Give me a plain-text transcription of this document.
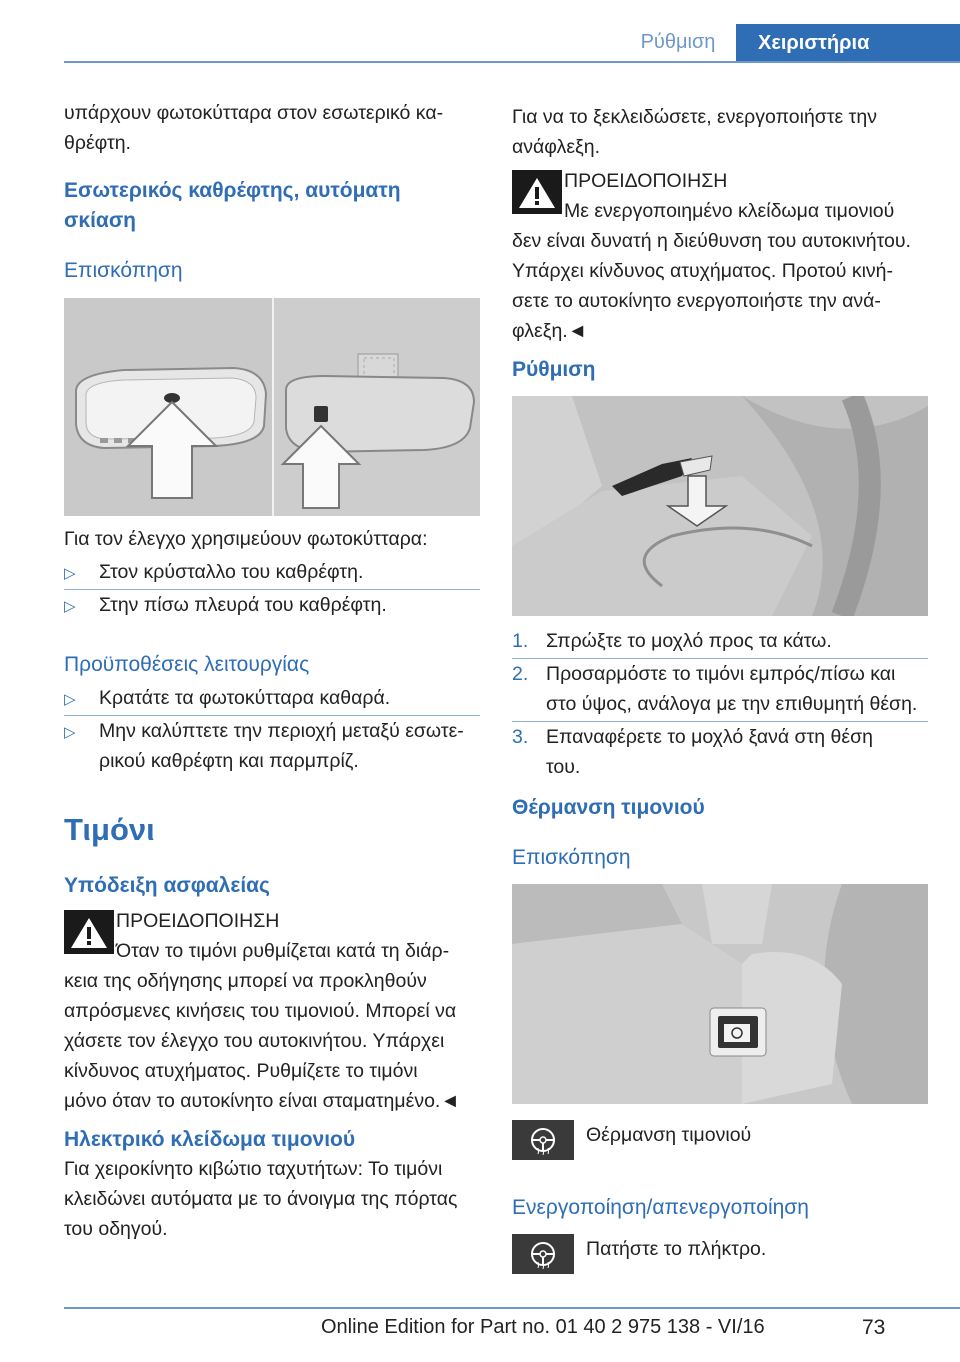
Ρύθμιση	Χειριστήρια
υπάρχουν φωτοκύτταρα στον εσωτερικό κα‐
θρέφτη.
Εσωτερικός καθρέφτης, αυτόματη
σκίαση
Επισκόπηση
Για τον έλεγχο χρησιμεύουν φωτοκύτταρα:
▷ Στον κρύσταλλο του καθρέφτη.
▷ Στην πίσω πλευρά του καθρέφτη.
Προϋποθέσεις λειτουργίας
▷ Κρατάτε τα φωτοκύτταρα καθαρά.
▷ Μην καλύπτετε την περιοχή μεταξύ εσωτε‐
ρικού καθρέφτη και παρμπρίζ.
Τιμόνι
Υπόδειξη ασφαλείας
ΠΡΟΕΙΔΟΠΟΙΗΣΗ
Όταν το τιμόνι ρυθμίζεται κατά τη διάρ‐
κεια της οδήγησης μπορεί να προκληθούν
απρόσμενες κινήσεις του τιμονιού. Μπορεί να
χάσετε τον έλεγχο του αυτοκινήτου. Υπάρχει
κίνδυνος ατυχήματος. Ρυθμίζετε το τιμόνι
μόνο όταν το αυτοκίνητο είναι σταματημένο.◄
Ηλεκτρικό κλείδωμα τιμονιού
Για χειροκίνητο κιβώτιο ταχυτήτων: Το τιμόνι
κλειδώνει αυτόματα με το άνοιγμα της πόρτας
του οδηγού.
Για να το ξεκλειδώσετε, ενεργοποιήστε την
ανάφλεξη.
ΠΡΟΕΙΔΟΠΟΙΗΣΗ
Με ενεργοποιημένο κλείδωμα τιμονιού
δεν είναι δυνατή η διεύθυνση του αυτοκινήτου.
Υπάρχει κίνδυνος ατυχήματος. Προτού κινή‐
σετε το αυτοκίνητο ενεργοποιήστε την ανά‐
φλεξη.◄
Ρύθμιση
1. Σπρώξτε το μοχλό προς τα κάτω.
2. Προσαρμόστε το τιμόνι εμπρός/πίσω και
στο ύψος, ανάλογα με την επιθυμητή θέση.
3. Επαναφέρετε το μοχλό ξανά στη θέση
του.
Θέρμανση τιμονιού
Επισκόπηση
Θέρμανση τιμονιού
Ενεργοποίηση/απενεργοποίηση
Πατήστε το πλήκτρο.
73
Online Edition for Part no. 01 40 2 975 138 - VI/16
